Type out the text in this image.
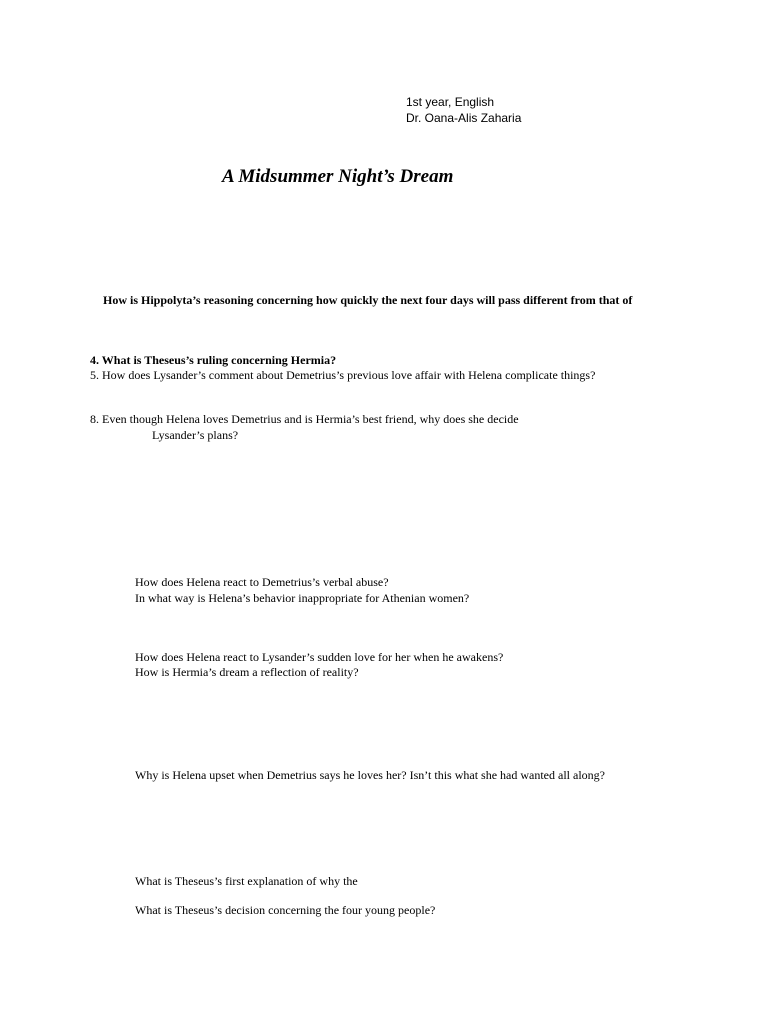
1st year, English
Dr. Oana-Alis Zaharia
A Midsummer Night’s Dream
How is Hippolyta’s reasoning concerning how quickly the next four days will pass different from that of
4. What is Theseus’s ruling concerning Hermia?
5. How does Lysander’s comment about Demetrius’s previous love affair with Helena complicate things?
8. Even though Helena loves Demetrius and is Hermia’s best friend, why does she decide
Lysander’s plans?
How does Helena react to Demetrius’s verbal abuse?
In what way is Helena’s behavior inappropriate for Athenian women?
How does Helena react to Lysander’s sudden love for her when he awakens?
How is Hermia’s dream a reflection of reality?
Why is Helena upset when Demetrius says he loves her? Isn’t this what she had wanted all along?
What is Theseus’s first explanation of why the
What is Theseus’s decision concerning the four young people?
